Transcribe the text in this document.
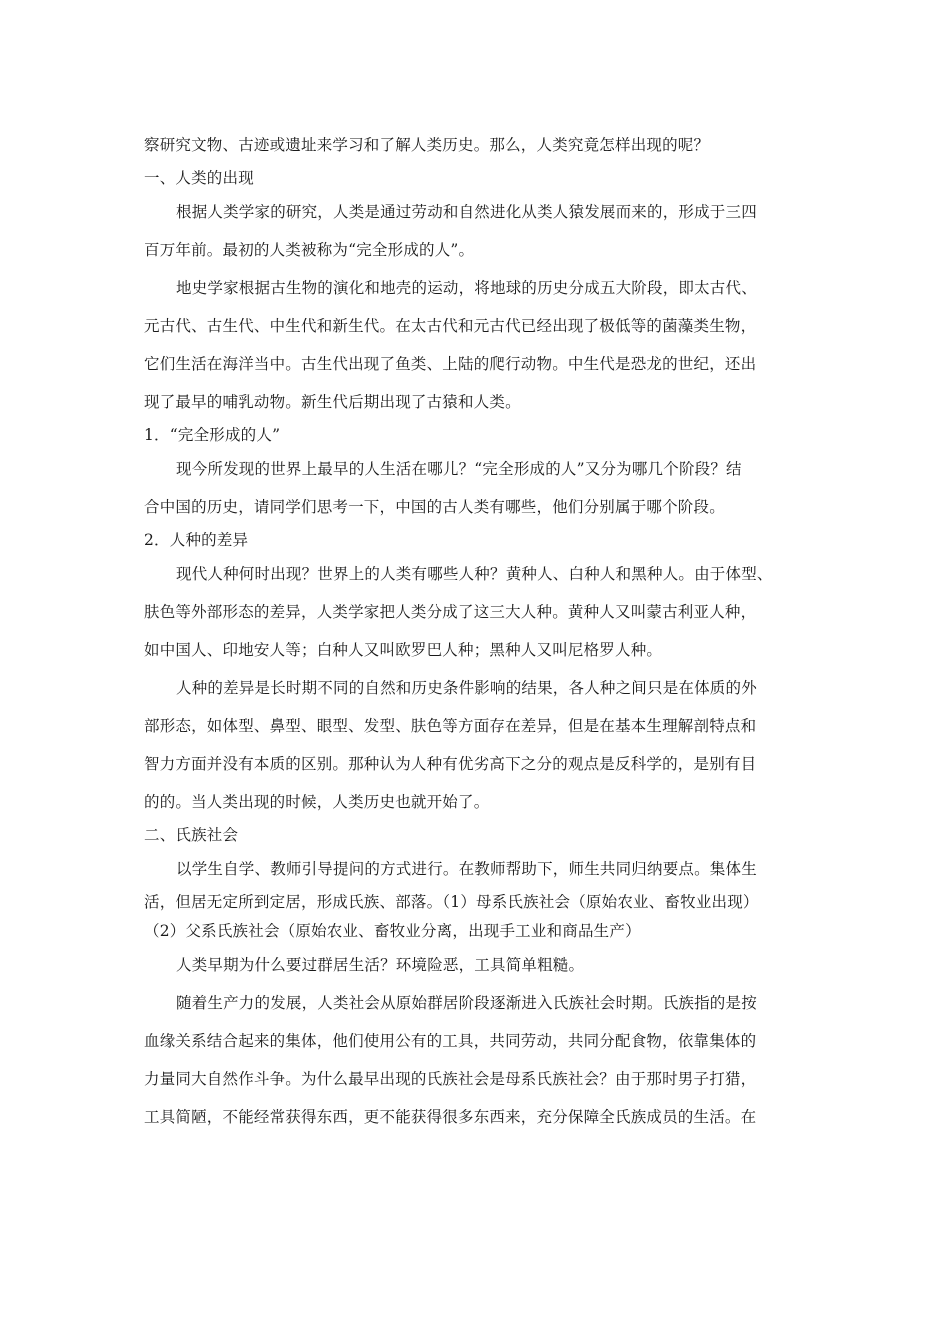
察研究文物、古迹或遗址来学习和了解人类历史。那么，人类究竟怎样出现的呢？
一、人类的出现
根据人类学家的研究，人类是通过劳动和自然进化从类人猿发展而来的，形成于三四
百万年前。最初的人类被称为“完全形成的人”。
地史学家根据古生物的演化和地壳的运动，将地球的历史分成五大阶段，即太古代、
元古代、古生代、中生代和新生代。在太古代和元古代已经出现了极低等的菌藻类生物，
它们生活在海洋当中。古生代出现了鱼类、上陆的爬行动物。中生代是恐龙的世纪，还出
现了最早的哺乳动物。新生代后期出现了古猿和人类。
1．“完全形成的人”
现今所发现的世界上最早的人生活在哪儿？“完全形成的人”又分为哪几个阶段？结
合中国的历史，请同学们思考一下，中国的古人类有哪些，他们分别属于哪个阶段。
2．人种的差异
现代人种何时出现？世界上的人类有哪些人种？黄种人、白种人和黑种人。由于体型、
肤色等外部形态的差异，人类学家把人类分成了这三大人种。黄种人又叫蒙古利亚人种，
如中国人、印地安人等；白种人又叫欧罗巴人种；黑种人又叫尼格罗人种。
人种的差异是长时期不同的自然和历史条件影响的结果，各人种之间只是在体质的外
部形态，如体型、鼻型、眼型、发型、肤色等方面存在差异，但是在基本生理解剖特点和
智力方面并没有本质的区别。那种认为人种有优劣高下之分的观点是反科学的，是别有目
的的。当人类出现的时候，人类历史也就开始了。
二、氏族社会
以学生自学、教师引导提问的方式进行。在教师帮助下，师生共同归纳要点。集体生
活，但居无定所到定居，形成氏族、部落。（1）母系氏族社会（原始农业、畜牧业出现）
（2）父系氏族社会（原始农业、畜牧业分离，出现手工业和商品生产）
人类早期为什么要过群居生活？环境险恶，工具简单粗糙。
随着生产力的发展，人类社会从原始群居阶段逐渐进入氏族社会时期。氏族指的是按
血缘关系结合起来的集体，他们使用公有的工具，共同劳动，共同分配食物，依靠集体的
力量同大自然作斗争。为什么最早出现的氏族社会是母系氏族社会？由于那时男子打猎，
工具简陋，不能经常获得东西，更不能获得很多东西来，充分保障全氏族成员的生活。在
